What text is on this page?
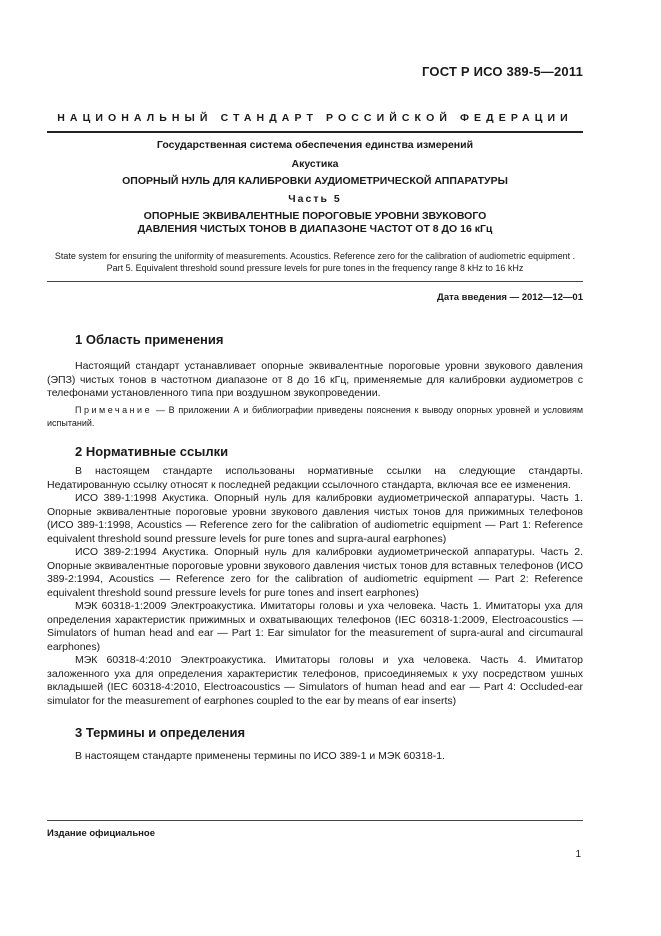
ГОСТ Р ИСО 389-5—2011
НАЦИОНАЛЬНЫЙ СТАНДАРТ РОССИЙСКОЙ ФЕДЕРАЦИИ
Государственная система обеспечения единства измерений
Акустика
ОПОРНЫЙ НУЛЬ ДЛЯ КАЛИБРОВКИ АУДИОМЕТРИЧЕСКОЙ АППАРАТУРЫ
Часть 5
ОПОРНЫЕ ЭКВИВАЛЕНТНЫЕ ПОРОГОВЫЕ УРОВНИ ЗВУКОВОГО
ДАВЛЕНИЯ ЧИСТЫХ ТОНОВ В ДИАПАЗОНЕ ЧАСТОТ ОТ 8 ДО 16 кГц
State system for ensuring the uniformity of measurements. Acoustics. Reference zero for the calibration of audiometric equipment . Part 5. Equivalent threshold sound pressure levels for pure tones in the frequency range 8 kHz to 16 kHz
Дата введения — 2012—12—01
1 Область применения

Настоящий стандарт устанавливает опорные эквивалентные пороговые уровни звукового давления (ЭПЗ) чистых тонов в частотном диапазоне от 8 до 16 кГц, применяемые для калибровки аудиометров с телефонами установленного типа при воздушном звукопроведении.

Примечание — В приложении А и библиографии приведены пояснения к выводу опорных уровней и условиям испытаний.

2 Нормативные ссылки

В настоящем стандарте использованы нормативные ссылки на следующие стандарты. Недатированную ссылку относят к последней редакции ссылочного стандарта, включая все ее изменения.

ИСО 389-1:1998 Акустика. Опорный нуль для калибровки аудиометрической аппаратуры. Часть 1. Опорные эквивалентные пороговые уровни звукового давления чистых тонов для прижимных телефонов (ИСО 389-1:1998, Acoustics — Reference zero for the calibration of audiometric equipment — Part 1: Reference equivalent threshold sound pressure levels for pure tones and supra-aural earphones)

ИСО 389-2:1994 Акустика. Опорный нуль для калибровки аудиометрической аппаратуры. Часть 2. Опорные эквивалентные пороговые уровни звукового давления чистых тонов для вставных телефонов (ИСО 389-2:1994, Acoustics — Reference zero for the calibration of audiometric equipment — Part 2: Reference equivalent threshold sound pressure levels for pure tones and insert earphones)

МЭК 60318-1:2009 Электроакустика. Имитаторы головы и уха человека. Часть 1. Имитаторы уха для определения характеристик прижимных и охватывающих телефонов (IEC 60318-1:2009, Electroacoustics — Simulators of human head and ear — Part 1: Ear simulator for the measurement of supra-aural and circumaural earphones)

МЭК 60318-4:2010 Электроакустика. Имитаторы головы и уха человека. Часть 4. Имитатор заложенного уха для определения характеристик телефонов, присоединяемых к уху посредством ушных вкладышей (IEC 60318-4:2010, Electroacoustics — Simulators of human head and ear — Part 4: Occluded-ear simulator for the measurement of earphones coupled to the ear by means of ear inserts)

3 Термины и определения

В настоящем стандарте применены термины по ИСО 389-1 и МЭК 60318-1.

Издание официальное
1
